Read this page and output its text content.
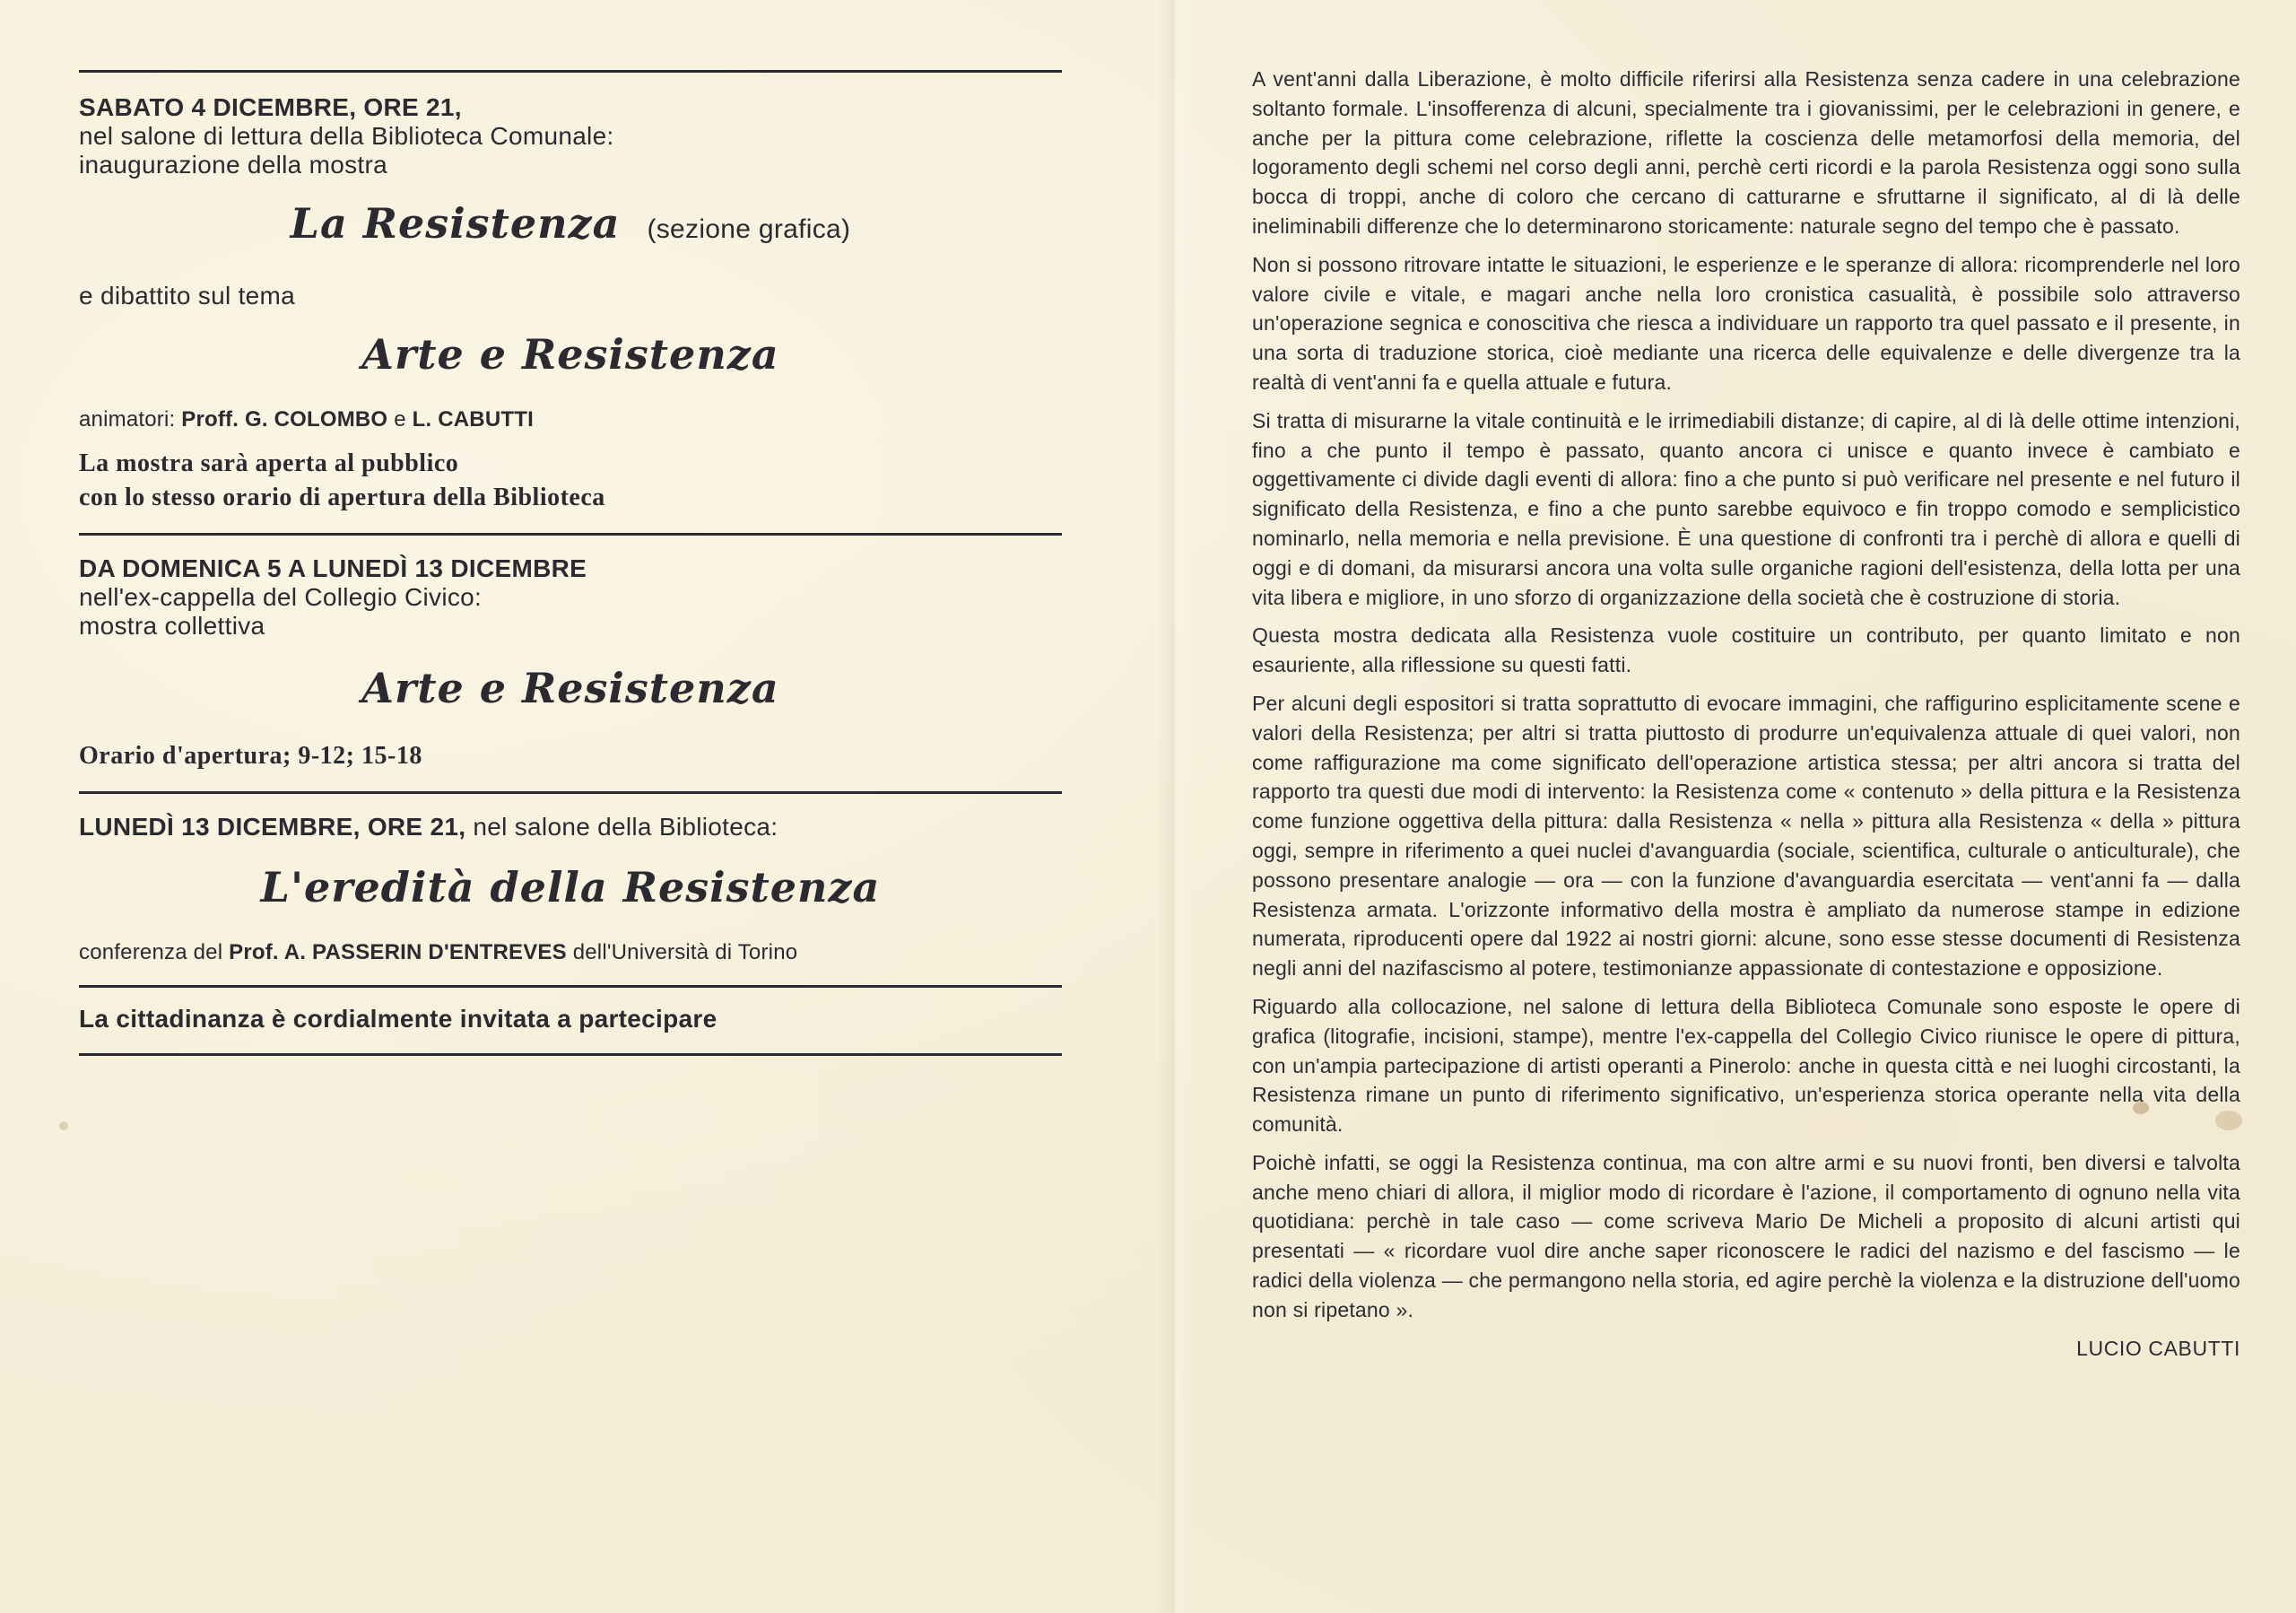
SABATO 4 DICEMBRE, ORE 21,
nel salone di lettura della Biblioteca Comunale:
inaugurazione della mostra
La Resistenza (sezione grafica)
e dibattito sul tema
Arte e Resistenza
animatori: Proff. G. COLOMBO e L. CABUTTI
La mostra sarà aperta al pubblico
con lo stesso orario di apertura della Biblioteca
DA DOMENICA 5 A LUNEDÌ 13 DICEMBRE
nell'ex-cappella del Collegio Civico:
mostra collettiva
Arte e Resistenza
Orario d'apertura; 9-12; 15-18
LUNEDÌ 13 DICEMBRE, ORE 21, nel salone della Biblioteca:
L'eredità della Resistenza
conferenza del Prof. A. PASSERIN D'ENTREVES dell'Università di Torino
La cittadinanza è cordialmente invitata a partecipare

A vent'anni dalla Liberazione, è molto difficile riferirsi alla Resistenza senza cadere in una celebrazione soltanto formale. L'insofferenza di alcuni, specialmente tra i giovanissimi, per le celebrazioni in genere, e anche per la pittura come celebrazione, riflette la coscienza delle metamorfosi della memoria, del logoramento degli schemi nel corso degli anni, perchè certi ricordi e la parola Resistenza oggi sono sulla bocca di troppi, anche di coloro che cercano di catturarne e sfruttarne il significato, al di là delle ineliminabili differenze che lo determinarono storicamente: naturale segno del tempo che è passato.

Non si possono ritrovare intatte le situazioni, le esperienze e le speranze di allora: ricomprenderle nel loro valore civile e vitale, e magari anche nella loro cronistica casualità, è possibile solo attraverso un'operazione segnica e conoscitiva che riesca a individuare un rapporto tra quel passato e il presente, in una sorta di traduzione storica, cioè mediante una ricerca delle equivalenze e delle divergenze tra la realtà di vent'anni fa e quella attuale e futura.

Si tratta di misurarne la vitale continuità e le irrimediabili distanze; di capire, al di là delle ottime intenzioni, fino a che punto il tempo è passato, quanto ancora ci unisce e quanto invece è cambiato e oggettivamente ci divide dagli eventi di allora: fino a che punto si può verificare nel presente e nel futuro il significato della Resistenza, e fino a che punto sarebbe equivoco e fin troppo comodo e semplicistico nominarlo, nella memoria e nella previsione. È una questione di confronti tra i perchè di allora e quelli di oggi e di domani, da misurarsi ancora una volta sulle organiche ragioni dell'esistenza, della lotta per una vita libera e migliore, in uno sforzo di organizzazione della società che è costruzione di storia.

Questa mostra dedicata alla Resistenza vuole costituire un contributo, per quanto limitato e non esauriente, alla riflessione su questi fatti.

Per alcuni degli espositori si tratta soprattutto di evocare immagini, che raffigurino esplicitamente scene e valori della Resistenza; per altri si tratta piuttosto di produrre un'equivalenza attuale di quei valori, non come raffigurazione ma come significato dell'operazione artistica stessa; per altri ancora si tratta del rapporto tra questi due modi di intervento: la Resistenza come « contenuto » della pittura e la Resistenza come funzione oggettiva della pittura: dalla Resistenza « nella » pittura alla Resistenza « della » pittura oggi, sempre in riferimento a quei nuclei d'avanguardia (sociale, scientifica, culturale o anticulturale), che possono presentare analogie — ora — con la funzione d'avanguardia esercitata — vent'anni fa — dalla Resistenza armata. L'orizzonte informativo della mostra è ampliato da numerose stampe in edizione numerata, riproducenti opere dal 1922 ai nostri giorni: alcune, sono esse stesse documenti di Resistenza negli anni del nazifascismo al potere, testimonianze appassionate di contestazione e opposizione.

Riguardo alla collocazione, nel salone di lettura della Biblioteca Comunale sono esposte le opere di grafica (litografie, incisioni, stampe), mentre l'ex-cappella del Collegio Civico riunisce le opere di pittura, con un'ampia partecipazione di artisti operanti a Pinerolo: anche in questa città e nei luoghi circostanti, la Resistenza rimane un punto di riferimento significativo, un'esperienza storica operante nella vita della comunità.

Poichè infatti, se oggi la Resistenza continua, ma con altre armi e su nuovi fronti, ben diversi e talvolta anche meno chiari di allora, il miglior modo di ricordare è l'azione, il comportamento di ognuno nella vita quotidiana: perchè in tale caso — come scriveva Mario De Micheli a proposito di alcuni artisti qui presentati — « ricordare vuol dire anche saper riconoscere le radici del nazismo e del fascismo — le radici della violenza — che permangono nella storia, ed agire perchè la violenza e la distruzione dell'uomo non si ripetano ».

LUCIO CABUTTI
